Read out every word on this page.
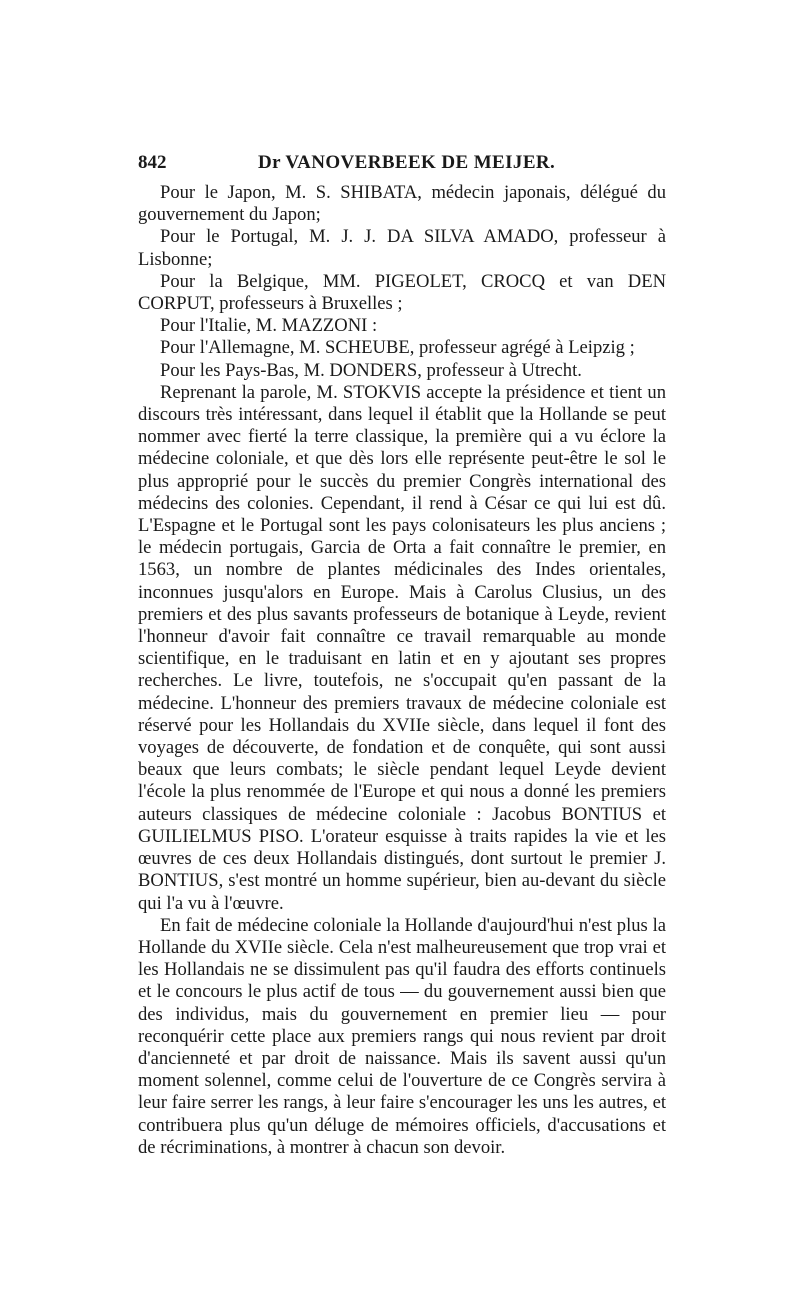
842	Dr VANOVERBEEK DE MEIJER.

Pour le Japon, M. S. SHIBATA, médecin japonais, délégué du gouvernement du Japon;

Pour le Portugal, M. J. J. DA SILVA AMADO, professeur à Lisbonne;

Pour la Belgique, MM. PIGEOLET, CROCQ et van DEN CORPUT, professeurs à Bruxelles ;

Pour l'Italie, M. MAZZONI :

Pour l'Allemagne, M. SCHEUBE, professeur agrégé à Leipzig ;

Pour les Pays-Bas, M. DONDERS, professeur à Utrecht.

Reprenant la parole, M. STOKVIS accepte la présidence et tient un discours très intéressant, dans lequel il établit que la Hollande se peut nommer avec fierté la terre classique, la première qui a vu éclore la médecine coloniale, et que dès lors elle représente peut-être le sol le plus approprié pour le succès du premier Congrès international des médecins des colonies. Cependant, il rend à César ce qui lui est dû. L'Espagne et le Portugal sont les pays colonisateurs les plus anciens ; le médecin portugais, Garcia de Orta a fait connaître le premier, en 1563, un nombre de plantes médicinales des Indes orientales, inconnues jusqu'alors en Europe. Mais à Carolus Clusius, un des premiers et des plus savants professeurs de botanique à Leyde, revient l'honneur d'avoir fait connaître ce travail remarquable au monde scientifique, en le traduisant en latin et en y ajoutant ses propres recherches. Le livre, toutefois, ne s'occupait qu'en passant de la médecine. L'honneur des premiers travaux de médecine coloniale est réservé pour les Hollandais du XVIIe siècle, dans lequel il font des voyages de découverte, de fondation et de conquête, qui sont aussi beaux que leurs combats; le siècle pendant lequel Leyde devient l'école la plus renommée de l'Europe et qui nous a donné les premiers auteurs classiques de médecine coloniale : Jacobus BONTIUS et GUILIELMUS PISO. L'orateur esquisse à traits rapides la vie et les œuvres de ces deux Hollandais distingués, dont surtout le premier J. BONTIUS, s'est montré un homme supérieur, bien au-devant du siècle qui l'a vu à l'œuvre.

En fait de médecine coloniale la Hollande d'aujourd'hui n'est plus la Hollande du XVIIe siècle. Cela n'est malheureusement que trop vrai et les Hollandais ne se dissimulent pas qu'il faudra des efforts continuels et le concours le plus actif de tous — du gouvernement aussi bien que des individus, mais du gouvernement en premier lieu — pour reconquérir cette place aux premiers rangs qui nous revient par droit d'ancienneté et par droit de naissance. Mais ils savent aussi qu'un moment solennel, comme celui de l'ouverture de ce Congrès servira à leur faire serrer les rangs, à leur faire s'encourager les uns les autres, et contribuera plus qu'un déluge de mémoires officiels, d'accusations et de récriminations, à montrer à chacun son devoir.
